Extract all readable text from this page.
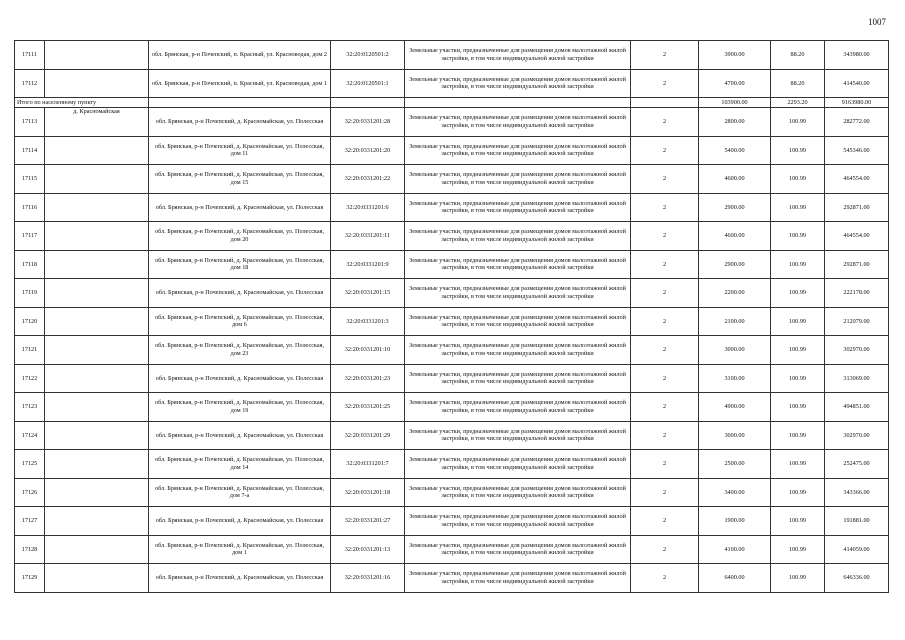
1007
17111		обл. Брянская, р-н Почепский, п. Красный, ул. Красноводая, дом 2	32:20:0120501:2	Земельные участки, предназначенные для размещения домов малоэтажной жилой застройки, в том числе индивидуальной жилой застройки	2	3900.00	88.20	343980.00
17112		обл. Брянская, р-н Почепский, п. Красный, ул. Красноводая, дом 1	32:20:0120501:1	Земельные участки, предназначенные для размещения домов малоэтажной жилой застройки, в том числе индивидуальной жилой застройки	2	4700.00	88.20	414540.00
Итого по населенному пункту						103900.00	2293.20	9163980.00
17113	д. Красномайская	обл. Брянская, р-н Почепский, д. Красномайская, ул. Полесская	32:20:0331201:28	Земельные участки, предназначенные для размещения домов малоэтажной жилой застройки, в том числе индивидуальной жилой застройки	2	2800.00	100.99	282772.00
17114		обл. Брянская, р-н Почепский, д. Красномайская, ул. Полесская, дом 11	32:20:0331201:20	Земельные участки, предназначенные для размещения домов малоэтажной жилой застройки, в том числе индивидуальной жилой застройки	2	5400.00	100.99	545346.00
17115		обл. Брянская, р-н Почепский, д. Красномайская, ул. Полесская, дом 15	32:20:0331201:22	Земельные участки, предназначенные для размещения домов малоэтажной жилой застройки, в том числе индивидуальной жилой застройки	2	4600.00	100.99	464554.00
17116		обл. Брянская, р-н Почепский, д. Красномайская, ул. Полесская	32:20:0331201:6	Земельные участки, предназначенные для размещения домов малоэтажной жилой застройки, в том числе индивидуальной жилой застройки	2	2900.00	100.99	292871.00
17117		обл. Брянская, р-н Почепский, д. Красномайская, ул. Полесская, дом 20	32:20:0331201:11	Земельные участки, предназначенные для размещения домов малоэтажной жилой застройки, в том числе индивидуальной жилой застройки	2	4600.00	100.99	464554.00
17118		обл. Брянская, р-н Почепский, д. Красномайская, ул. Полесская, дом 18	32:20:0331201:9	Земельные участки, предназначенные для размещения домов малоэтажной жилой застройки, в том числе индивидуальной жилой застройки	2	2900.00	100.99	292871.00
17119		обл. Брянская, р-н Почепский, д. Красномайская, ул. Полесская	32:20:0331201:15	Земельные участки, предназначенные для размещения домов малоэтажной жилой застройки, в том числе индивидуальной жилой застройки	2	2200.00	100.99	222178.00
17120		обл. Брянская, р-н Почепский, д. Красномайская, ул. Полесская, дом 6	32:20:0331201:3	Земельные участки, предназначенные для размещения домов малоэтажной жилой застройки, в том числе индивидуальной жилой застройки	2	2100.00	100.99	212079.00
17121		обл. Брянская, р-н Почепский, д. Красномайская, ул. Полесская, дом 23	32:20:0331201:10	Земельные участки, предназначенные для размещения домов малоэтажной жилой застройки, в том числе индивидуальной жилой застройки	2	3000.00	100.99	302970.00
17122		обл. Брянская, р-н Почепский, д. Красномайская, ул. Полесская	32:20:0331201:23	Земельные участки, предназначенные для размещения домов малоэтажной жилой застройки, в том числе индивидуальной жилой застройки	2	3100.00	100.99	313069.00
17123		обл. Брянская, р-н Почепский, д. Красномайская, ул. Полесская, дом 19	32:20:0331201:25	Земельные участки, предназначенные для размещения домов малоэтажной жилой застройки, в том числе индивидуальной жилой застройки	2	4900.00	100.99	494851.00
17124		обл. Брянская, р-н Почепский, д. Красномайская, ул. Полесская	32:20:0331201:29	Земельные участки, предназначенные для размещения домов малоэтажной жилой застройки, в том числе индивидуальной жилой застройки	2	3000.00	100.99	302970.00
17125		обл. Брянская, р-н Почепский, д. Красномайская, ул. Полесская, дом 14	32:20:0331201:7	Земельные участки, предназначенные для размещения домов малоэтажной жилой застройки, в том числе индивидуальной жилой застройки	2	2500.00	100.99	252475.00
17126		обл. Брянская, р-н Почепский, д. Красномайская, ул. Полесская, дом 7-а	32:20:0331201:18	Земельные участки, предназначенные для размещения домов малоэтажной жилой застройки, в том числе индивидуальной жилой застройки	2	3400.00	100.99	343366.00
17127		обл. Брянская, р-н Почепский, д. Красномайская, ул. Полесская	32:20:0331201:27	Земельные участки, предназначенные для размещения домов малоэтажной жилой застройки, в том числе индивидуальной жилой застройки	2	1900.00	100.99	191881.00
17128		обл. Брянская, р-н Почепский, д. Красномайская, ул. Полесская, дом 1	32:20:0331201:13	Земельные участки, предназначенные для размещения домов малоэтажной жилой застройки, в том числе индивидуальной жилой застройки	2	4100.00	100.99	414059.00
17129		обл. Брянская, р-н Почепский, д. Красномайская, ул. Полесская	32:20:0331201:16	Земельные участки, предназначенные для размещения домов малоэтажной жилой застройки, в том числе индивидуальной жилой застройки	2	6400.00	100.99	646336.00
